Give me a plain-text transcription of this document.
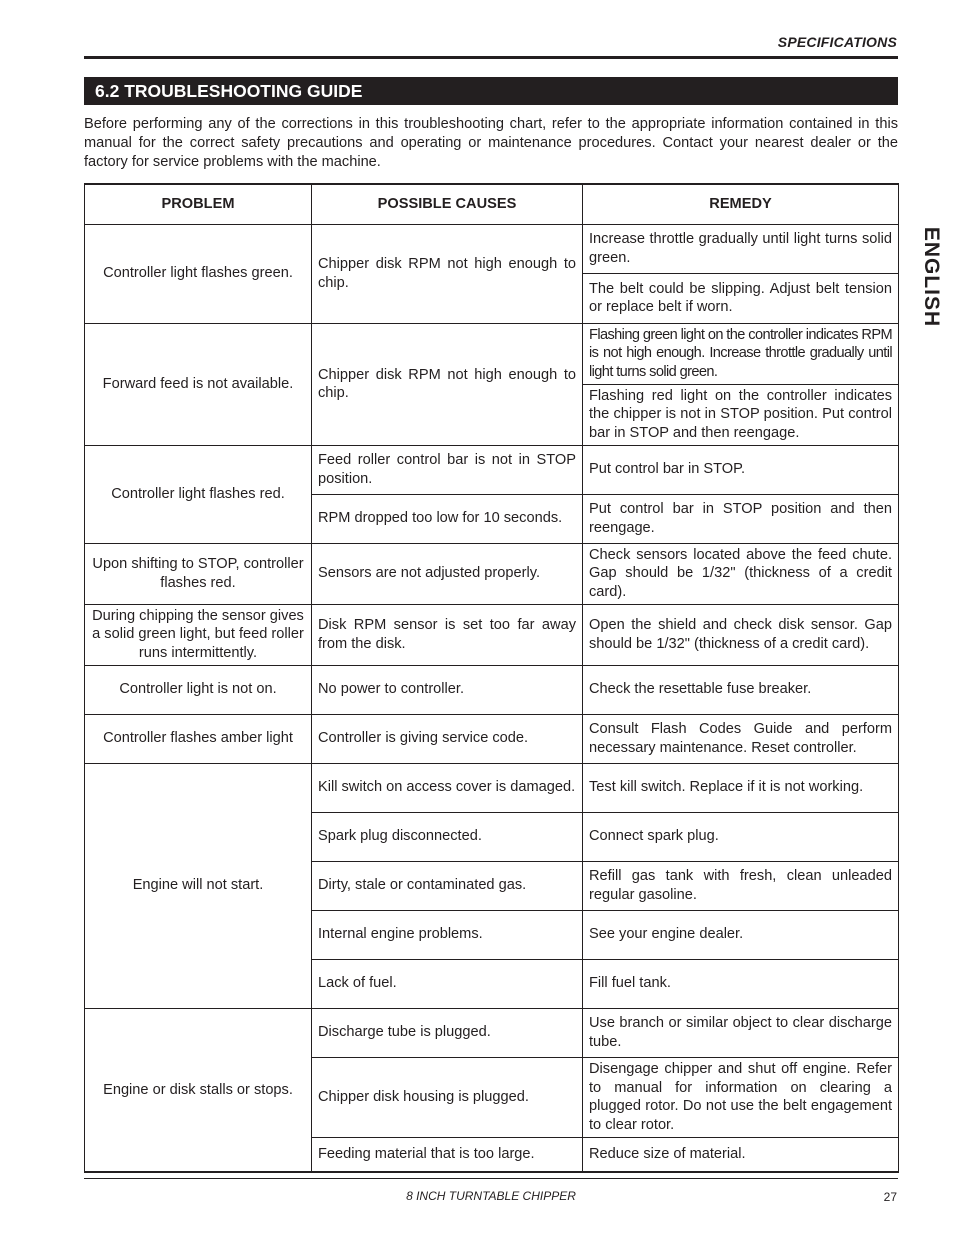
SPECIFICATIONS
6.2 TROUBLESHOOTING GUIDE

Before performing any of the corrections in this troubleshooting chart, refer to the appropriate information contained in this manual for the correct safety precautions and operating or maintenance procedures. Contact your nearest dealer or the factory for service problems with the machine.

ENGLISH
PROBLEM	POSSIBLE CAUSES	REMEDY
Controller light flashes green.	Chipper disk RPM not high enough to chip.	Increase throttle gradually until light turns solid green.
		The belt could be slipping. Adjust belt tension or replace belt if worn.
Forward feed is not available.	Chipper disk RPM not high enough to chip.	Flashing green light on the controller indicates RPM is not high enough. Increase throttle gradually until light turns solid green.
		Flashing red light on the controller indicates the chipper is not in STOP position. Put control bar in STOP and then reengage.
Controller light flashes red.	Feed roller control bar is not in STOP position.	Put control bar in STOP.
	RPM dropped too low for 10 seconds.	Put control bar in STOP position and then reengage.
Upon shifting to STOP, controller flashes red.	Sensors are not adjusted properly.	Check sensors located above the feed chute. Gap should be 1/32" (thickness of a credit card).
During chipping the sensor gives a solid green light, but feed roller runs intermittently.	Disk RPM sensor is set too far away from the disk.	Open the shield and check disk sensor. Gap should be 1/32" (thickness of a credit card).
Controller light is not on.	No power to controller.	Check the resettable fuse breaker.
Controller flashes amber light	Controller is giving service code.	Consult Flash Codes Guide and perform necessary maintenance. Reset controller.
Engine will not start.	Kill switch on access cover is damaged.	Test kill switch. Replace if it is not working.
	Spark plug disconnected.	Connect spark plug.
	Dirty, stale or contaminated gas.	Refill gas tank with fresh, clean unleaded regular gasoline.
	Internal engine problems.	See your engine dealer.
	Lack of fuel.	Fill fuel tank.
Engine or disk stalls or stops.	Discharge tube is plugged.	Use branch or similar object to clear discharge tube.
	Chipper disk housing is plugged.	Disengage chipper and shut off engine. Refer to manual for information on clearing a plugged rotor. Do not use the belt engagement to clear rotor.
	Feeding material that is too large.	Reduce size of material.
8 INCH TURNTABLE CHIPPER	27
